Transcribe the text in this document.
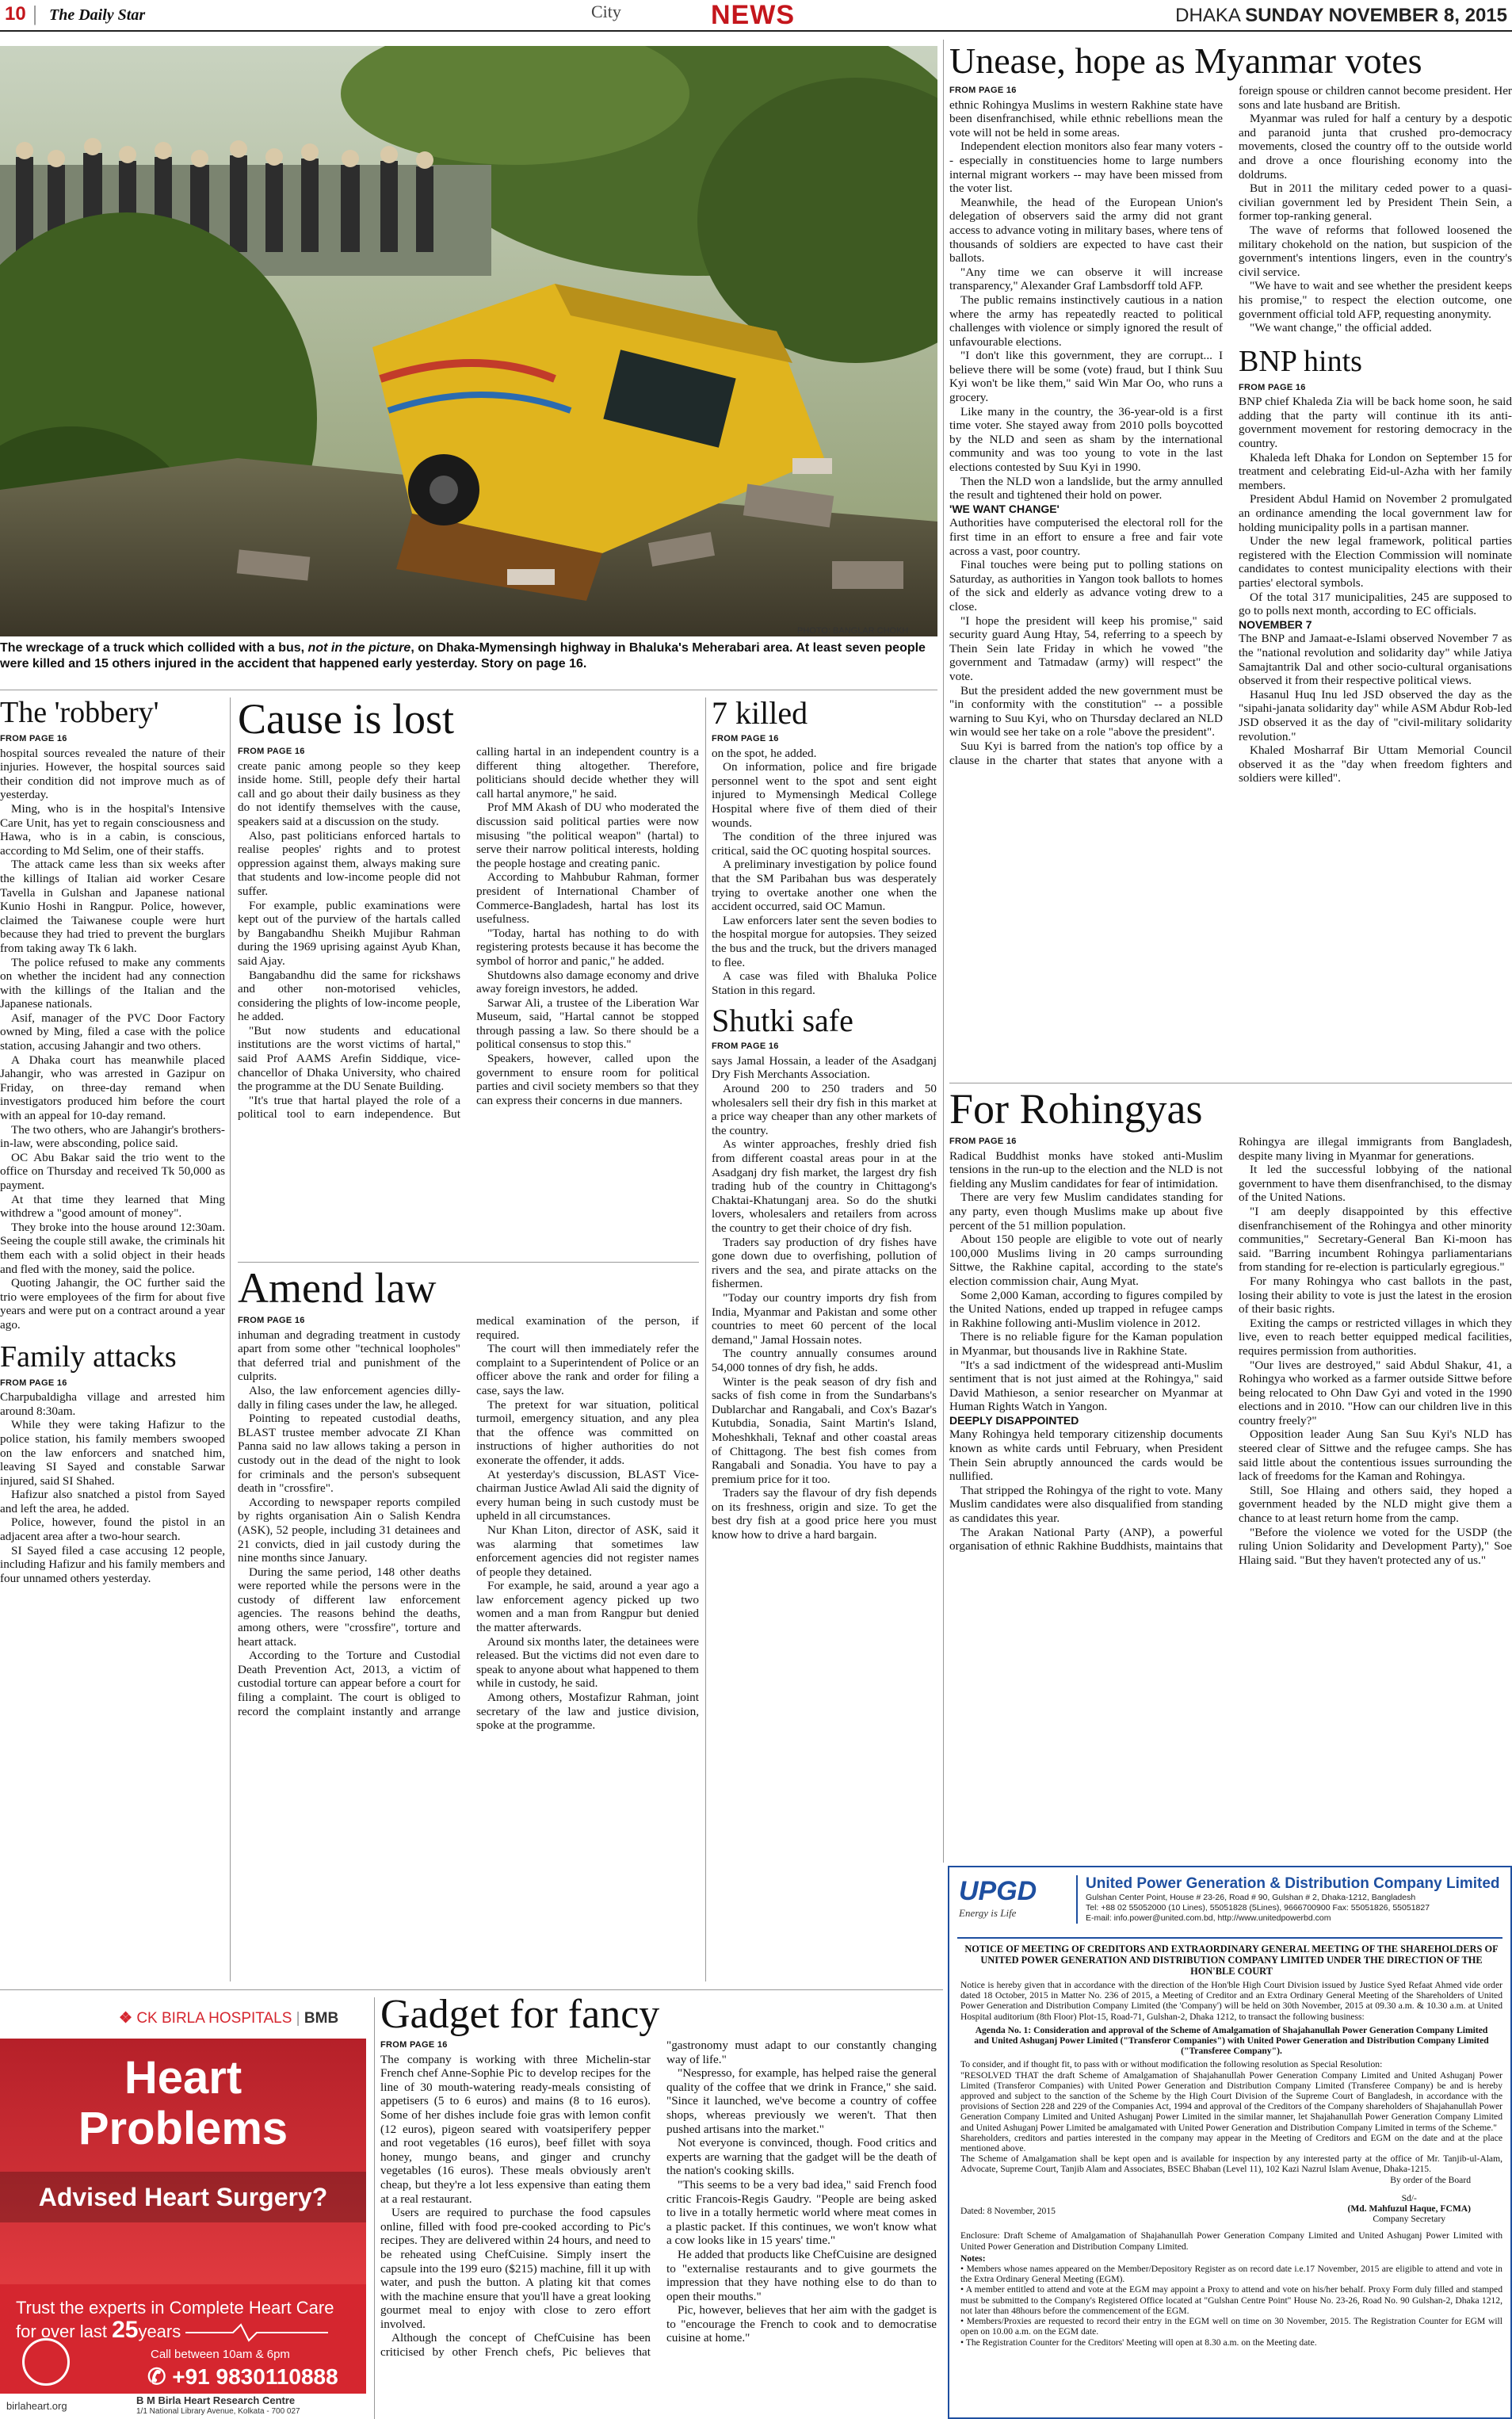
10 | The Daily Star	City	NEWS	DHAKA SUNDAY NOVEMBER 8, 2015
PHOTO: BANGLAR CHOKH
The wreckage of a truck which collided with a bus, not in the picture, on Dhaka-Mymensingh highway in Bhaluka's Meherabari area. At least seven people were killed and 15 others injured in the accident that happened early yesterday. Story on page 16.
The 'robbery'

FROM PAGE 16

hospital sources revealed the nature of their injuries. However, the hospital sources said their condition did not improve much as of yesterday.

Ming, who is in the hospital's Intensive Care Unit, has yet to regain consciousness and Hawa, who is in a cabin, is conscious, according to Md Selim, one of their staffs.

The attack came less than six weeks after the killings of Italian aid worker Cesare Tavella in Gulshan and Japanese national Kunio Hoshi in Rangpur. Police, however, claimed the Taiwanese couple were hurt because they had tried to prevent the burglars from taking away Tk 6 lakh.

The police refused to make any comments on whether the incident had any connection with the killings of the Italian and the Japanese nationals.

Asif, manager of the PVC Door Factory owned by Ming, filed a case with the police station, accusing Jahangir and two others.

A Dhaka court has meanwhile placed Jahangir, who was arrested in Gazipur on Friday, on three-day remand when investigators produced him before the court with an appeal for 10-day remand.

The two others, who are Jahangir's brothers-in-law, were absconding, police said.

OC Abu Bakar said the trio went to the office on Thursday and received Tk 50,000 as payment.

At that time they learned that Ming withdrew a "good amount of money".

They broke into the house around 12:30am. Seeing the couple still awake, the criminals hit them each with a solid object in their heads and fled with the money, said the police.

Quoting Jahangir, the OC further said the trio were employees of the firm for about five years and were put on a contract around a year ago.

Family attacks

FROM PAGE 16

Charpubaldigha village and arrested him around 8:30am.

While they were taking Hafizur to the police station, his family members swooped on the law enforcers and snatched him, leaving SI Sayed and constable Sarwar injured, said SI Shahed.

Hafizur also snatched a pistol from Sayed and left the area, he added.

Police, however, found the pistol in an adjacent area after a two-hour search.

SI Sayed filed a case accusing 12 people, including Hafizur and his family members and four unnamed others yesterday.

Cause is lost

FROM PAGE 16

create panic among people so they keep inside home. Still, people defy their hartal call and go about their daily business as they do not identify themselves with the cause, speakers said at a discussion on the study.

Also, past politicians enforced hartals to realise peoples' rights and to protest oppression against them, always making sure that students and low-income people did not suffer.

For example, public examinations were kept out of the purview of the hartals called by Bangabandhu Sheikh Mujibur Rahman during the 1969 uprising against Ayub Khan, said Ajay.

Bangabandhu did the same for rickshaws and other non-motorised vehicles, considering the plights of low-income people, he added.

"But now students and educational institutions are the worst victims of hartal," said Prof AAMS Arefin Siddique, vice-chancellor of Dhaka University, who chaired the programme at the DU Senate Building.

"It's true that hartal played the role of a political tool to earn independence. But calling hartal in an independent country is a different thing altogether. Therefore, politicians should decide whether they will call hartal anymore," he said.

Prof MM Akash of DU who moderated the discussion said political parties were now misusing "the political weapon" (hartal) to serve their narrow political interests, holding the people hostage and creating panic.

According to Mahbubur Rahman, former president of International Chamber of Commerce-Bangladesh, hartal has lost its usefulness.

"Today, hartal has nothing to do with registering protests because it has become the symbol of horror and panic," he added.

Shutdowns also damage economy and drive away foreign investors, he added.

Sarwar Ali, a trustee of the Liberation War Museum, said, "Hartal cannot be stopped through passing a law. So there should be a political consensus to stop this."

Speakers, however, called upon the government to ensure room for political parties and civil society members so that they can express their concerns in due manners.

Amend law

FROM PAGE 16

inhuman and degrading treatment in custody apart from some other "technical loopholes" that deferred trial and punishment of the culprits.

Also, the law enforcement agencies dilly-dally in filing cases under the law, he alleged.

Pointing to repeated custodial deaths, BLAST trustee member advocate ZI Khan Panna said no law allows taking a person in custody out in the dead of the night to look for criminals and the person's subsequent death in "crossfire".

According to newspaper reports compiled by rights organisation Ain o Salish Kendra (ASK), 52 people, including 31 detainees and 21 convicts, died in jail custody during the nine months since January.

During the same period, 148 other deaths were reported while the persons were in the custody of different law enforcement agencies. The reasons behind the deaths, among others, were "crossfire", torture and heart attack.

According to the Torture and Custodial Death Prevention Act, 2013, a victim of custodial torture can appear before a court for filing a complaint. The court is obliged to record the complaint instantly and arrange medical examination of the person, if required.

The court will then immediately refer the complaint to a Superintendent of Police or an officer above the rank and order for filing a case, says the law.

The pretext for war situation, political turmoil, emergency situation, and any plea that the offence was committed on instructions of higher authorities do not exonerate the offender, it adds.

At yesterday's discussion, BLAST Vice-chairman Justice Awlad Ali said the dignity of every human being in such custody must be upheld in all circumstances.

Nur Khan Liton, director of ASK, said it was alarming that sometimes law enforcement agencies did not register names of people they detained.

For example, he said, around a year ago a law enforcement agency picked up two women and a man from Rangpur but denied the matter afterwards.

Around six months later, the detainees were released. But the victims did not even dare to speak to anyone about what happened to them while in custody, he said.

Among others, Mostafizur Rahman, joint secretary of the law and justice division, spoke at the programme.

7 killed

FROM PAGE 16

on the spot, he added.

On information, police and fire brigade personnel went to the spot and sent eight injured to Mymensingh Medical College Hospital where five of them died of their wounds.

The condition of the three injured was critical, said the OC quoting hospital sources.

A preliminary investigation by police found that the SM Paribahan bus was desperately trying to overtake another one when the accident occurred, said OC Mamun.

Law enforcers later sent the seven bodies to the hospital morgue for autopsies. They seized the bus and the truck, but the drivers managed to flee.

A case was filed with Bhaluka Police Station in this regard.

Shutki safe

FROM PAGE 16

says Jamal Hossain, a leader of the Asadganj Dry Fish Merchants Association.

Around 200 to 250 traders and 50 wholesalers sell their dry fish in this market at a price way cheaper than any other markets of the country.

As winter approaches, freshly dried fish from different coastal areas pour in at the Asadganj dry fish market, the largest dry fish trading hub of the country in Chittagong's Chaktai-Khatunganj area. So do the shutki lovers, wholesalers and retailers from across the country to get their choice of dry fish.

Traders say production of dry fishes have gone down due to overfishing, pollution of rivers and the sea, and pirate attacks on the fishermen.

"Today our country imports dry fish from India, Myanmar and Pakistan and some other countries to meet 60 percent of the local demand," Jamal Hossain notes.

The country annually consumes around 54,000 tonnes of dry fish, he adds.

Winter is the peak season of dry fish and sacks of fish come in from the Sundarbans's Dublarchar and Rangabali, and Cox's Bazar's Kutubdia, Sonadia, Saint Martin's Island, Moheshkhali, Teknaf and other coastal areas of Chittagong. The best fish comes from Rangabali and Sonadia. You have to pay a premium price for it too.

Traders say the flavour of dry fish depends on its freshness, origin and size. To get the best dry fish at a good price here you must know how to drive a hard bargain.

Unease, hope as Myanmar votes

FROM PAGE 16

ethnic Rohingya Muslims in western Rakhine state have been disenfranchised, while ethnic rebellions mean the vote will not be held in some areas.

Independent election monitors also fear many voters -- especially in constituencies home to large numbers internal migrant workers -- may have been missed from the voter list.

Meanwhile, the head of the European Union's delegation of observers said the army did not grant access to advance voting in military bases, where tens of thousands of soldiers are expected to have cast their ballots.

"Any time we can observe it will increase transparency," Alexander Graf Lambsdorff told AFP.

The public remains instinctively cautious in a nation where the army has repeatedly reacted to political challenges with violence or simply ignored the result of unfavourable elections.

"I don't like this government, they are corrupt... I believe there will be some (vote) fraud, but I think Suu Kyi won't be like them," said Win Mar Oo, who runs a grocery.

Like many in the country, the 36-year-old is a first time voter. She stayed away from 2010 polls boycotted by the NLD and seen as sham by the international community and was too young to vote in the last elections contested by Suu Kyi in 1990.

Then the NLD won a landslide, but the army annulled the result and tightened their hold on power.

'WE WANT CHANGE'

Authorities have computerised the electoral roll for the first time in an effort to ensure a free and fair vote across a vast, poor country.

Final touches were being put to polling stations on Saturday, as authorities in Yangon took ballots to homes of the sick and elderly as advance voting drew to a close.

"I hope the president will keep his promise," said security guard Aung Htay, 54, referring to a speech by Thein Sein late Friday in which he vowed "the government and Tatmadaw (army) will respect" the vote.

But the president added the new government must be "in conformity with the constitution" -- a possible warning to Suu Kyi, who on Thursday declared an NLD win would see her take on a role "above the president".

Suu Kyi is barred from the nation's top office by a clause in the charter that states that anyone with a foreign spouse or children cannot become president. Her sons and late husband are British.

Myanmar was ruled for half a century by a despotic and paranoid junta that crushed pro-democracy movements, closed the country off to the outside world and drove a once flourishing economy into the doldrums.

But in 2011 the military ceded power to a quasi-civilian government led by President Thein Sein, a former top-ranking general.

The wave of reforms that followed loosened the military chokehold on the nation, but suspicion of the government's intentions lingers, even in the country's civil service.

"We have to wait and see whether the president keeps his promise," to respect the election outcome, one government official told AFP, requesting anonymity.

"We want change," the official added.

BNP hints

FROM PAGE 16

BNP chief Khaleda Zia will be back home soon, he said adding that the party will continue ith its anti-government movement for restoring democracy in the country.

Khaleda left Dhaka for London on September 15 for treatment and celebrating Eid-ul-Azha with her family members.

President Abdul Hamid on November 2 promulgated an ordinance amending the local government law for holding municipality polls in a partisan manner.

Under the new legal framework, political parties registered with the Election Commission will nominate candidates to contest municipality elections with their parties' electoral symbols.

Of the total 317 municipalities, 245 are supposed to go to polls next month, according to EC officials.

NOVEMBER 7

The BNP and Jamaat-e-Islami observed November 7 as the "national revolution and solidarity day" while Jatiya Samajtantrik Dal and other socio-cultural organisations observed it from their respective political views.

Hasanul Huq Inu led JSD observed the day as the "sipahi-janata solidarity day" while ASM Abdur Rob-led JSD observed it as the day of "civil-military solidarity revolution."

Khaled Mosharraf Bir Uttam Memorial Council observed it as the "day when freedom fighters and soldiers were killed".

For Rohingyas

FROM PAGE 16

Radical Buddhist monks have stoked anti-Muslim tensions in the run-up to the election and the NLD is not fielding any Muslim candidates for fear of intimidation.

There are very few Muslim candidates standing for any party, even though Muslims make up about five percent of the 51 million population.

About 150 people are eligible to vote out of nearly 100,000 Muslims living in 20 camps surrounding Sittwe, the Rakhine capital, according to the state's election commission chair, Aung Myat.

Some 2,000 Kaman, according to figures compiled by the United Nations, ended up trapped in refugee camps in Rakhine following anti-Muslim violence in 2012.

There is no reliable figure for the Kaman population in Myanmar, but thousands live in Rakhine State.

"It's a sad indictment of the widespread anti-Muslim sentiment that is not just aimed at the Rohingya," said David Mathieson, a senior researcher on Myanmar at Human Rights Watch in Yangon.

DEEPLY DISAPPOINTED

Many Rohingya held temporary citizenship documents known as white cards until February, when President Thein Sein abruptly announced the cards would be nullified.

That stripped the Rohingya of the right to vote. Many Muslim candidates were also disqualified from standing as candidates this year.

The Arakan National Party (ANP), a powerful organisation of ethnic Rakhine Buddhists, maintains that Rohingya are illegal immigrants from Bangladesh, despite many living in Myanmar for generations.

It led the successful lobbying of the national government to have them disenfranchised, to the dismay of the United Nations.

"I am deeply disappointed by this effective disenfranchisement of the Rohingya and other minority communities," Secretary-General Ban Ki-moon has said. "Barring incumbent Rohingya parliamentarians from standing for re-election is particularly egregious."

For many Rohingya who cast ballots in the past, losing their ability to vote is just the latest in the erosion of their basic rights.

Exiting the camps or restricted villages in which they live, even to reach better equipped medical facilities, requires permission from authorities.

"Our lives are destroyed," said Abdul Shakur, 41, a Rohingya who worked as a farmer outside Sittwe before being relocated to Ohn Daw Gyi and voted in the 1990 elections and in 2010. "How can our children live in this country freely?"

Opposition leader Aung San Suu Kyi's NLD has steered clear of Sittwe and the refugee camps. She has said little about the contentious issues surrounding the lack of freedoms for the Kaman and Rohingya.

Still, Soe Hlaing and others said, they hoped a government headed by the NLD might give them a chance to at least return home from the camp.

"Before the violence we voted for the USDP (the ruling Union Solidarity and Development Party)," Soe Hlaing said. "But they haven't protected any of us."

❖ CK BIRLA HOSPITALS | BMB
Heart
Problems
Advised Heart Surgery?
Trust the experts in Complete Heart Care
for over last 25years
Call between 10am & 6pm
✆ +91 9830110888
birlaheart.org	B M Birla Heart Research Centre
1/1 National Library Avenue, Kolkata - 700 027
Gadget for fancy

FROM PAGE 16

The company is working with three Michelin-star French chef Anne-Sophie Pic to develop recipes for the line of 30 mouth-watering ready-meals consisting of appetisers (5 to 6 euros) and mains (8 to 16 euros). Some of her dishes include foie gras with lemon confit (12 euros), pigeon seared with voatsiperifery pepper and root vegetables (16 euros), beef fillet with soya honey, mungo beans, and ginger and crunchy vegetables (16 euros). These meals obviously aren't cheap, but they're a lot less expensive than eating them at a real restaurant.

Users are required to purchase the food capsules online, filled with food pre-cooked according to Pic's recipes. They are delivered within 24 hours, and need to be reheated using ChefCuisine. Simply insert the capsule into the 199 euro ($215) machine, fill it up with water, and push the button. A plating kit that comes with the machine ensure that you'll have a great looking gourmet meal to enjoy with close to zero effort involved.

Although the concept of ChefCuisine has been criticised by other French chefs, Pic believes that "gastronomy must adapt to our constantly changing way of life."

"Nespresso, for example, has helped raise the general quality of the coffee that we drink in France," she said. "Since it launched, we've become a country of coffee shops, whereas previously we weren't. That then pushed artisans into the market."

Not everyone is convinced, though. Food critics and experts are warning that the gadget will be the death of the nation's cooking skills.

"This seems to be a very bad idea," said French food critic Francois-Regis Gaudry. "People are being asked to live in a totally hermetic world where meat comes in a plastic packet. If this continues, we won't know what a cow looks like in 15 years' time."

He added that products like ChefCuisine are designed to "externalise restaurants and to give gourmets the impression that they have nothing else to do than to open their mouths."

Pic, however, believes that her aim with the gadget is to "encourage the French to cook and to democratise cuisine at home."

UPGD
Energy is Life
United Power Generation & Distribution Company Limited
Gulshan Center Point, House # 23-26, Road # 90, Gulshan # 2, Dhaka-1212, Bangladesh
Tel: +88 02 55052000 (10 Lines), 55051828 (5Lines), 9666700900 Fax: 55051826, 55051827
E-mail: info.power@united.com.bd, http://www.unitedpowerbd.com
NOTICE OF MEETING OF CREDITORS AND EXTRAORDINARY GENERAL MEETING OF THE SHAREHOLDERS OF UNITED POWER GENERATION AND DISTRIBUTION COMPANY LIMITED UNDER THE DIRECTION OF THE HON'BLE COURT
Notice is hereby given that in accordance with the direction of the Hon'ble High Court Division issued by Justice Syed Refaat Ahmed vide order dated 18 October, 2015 in Matter No. 236 of 2015, a Meeting of Creditor and an Extra Ordinary General Meeting of the Shareholders of United Power Generation and Distribution Company Limited (the 'Company') will be held on 30th November, 2015 at 09.30 a.m. & 10.30 a.m. at United Hospital auditorium (8th Floor) Plot-15, Road-71, Gulshan-2, Dhaka 1212, to transact the following business:
Agenda No. 1: Consideration and approval of the Scheme of Amalgamation of Shajahanullah Power Generation Company Limited and United Ashuganj Power Limited ("Transferor Companies") with United Power Generation and Distribution Company Limited ("Transferee Company").
To consider, and if thought fit, to pass with or without modification the following resolution as Special Resolution:
"RESOLVED THAT the draft Scheme of Amalgamation of Shajahanullah Power Generation Company Limited and United Ashuganj Power Limited (Transferor Companies) with United Power Generation and Distribution Company Limited (Transferee Company) be and is hereby approved and subject to the sanction of the Scheme by the High Court Division of the Supreme Court of Bangladesh, in accordance with the provisions of Section 228 and 229 of the Companies Act, 1994 and approval of the Creditors of the Company shareholders of Shajahanullah Power Generation Company Limited and United Ashuganj Power Limited in the similar manner, let Shajahanullah Power Generation Company Limited and United Ashuganj Power Limited be amalgamated with United Power Generation and Distribution Company Limited in terms of the Scheme."
Shareholders, creditors and parties interested in the company may appear in the Meeting of Creditors and EGM on the date and at the place mentioned above.
The Scheme of Amalgamation shall be kept open and is available for inspection by any interested party at the office of Mr. Tanjib-ul-Alam, Advocate, Supreme Court, Tanjib Alam and Associates, BSEC Bhaban (Level 11), 102 Kazi Nazrul Islam Avenue, Dhaka-1215.
By order of the Board
Dated: 8 November, 2015
Sd/-
(Md. Mahfuzul Haque, FCMA)
Company Secretary
Enclosure: Draft Scheme of Amalgamation of Shajahanullah Power Generation Company Limited and United Ashuganj Power Limited with United Power Generation and Distribution Company Limited.
Notes:
• Members whose names appeared on the Member/Depository Register as on record date i.e.17 November, 2015 are eligible to attend and vote in the Extra Ordinary General Meeting (EGM).
• A member entitled to attend and vote at the EGM may appoint a Proxy to attend and vote on his/her behalf. Proxy Form duly filled and stamped must be submitted to the Company's Registered Office located at "Gulshan Centre Point" House No. 23-26, Road No. 90 Gulshan-2, Dhaka 1212, not later than 48hours before the commencement of the EGM.
• Members/Proxies are requested to record their entry in the EGM well on time on 30 November, 2015. The Registration Counter for EGM will open on 10.00 a.m. on the EGM date.
• The Registration Counter for the Creditors' Meeting will open at 8.30 a.m. on the Meeting date.
